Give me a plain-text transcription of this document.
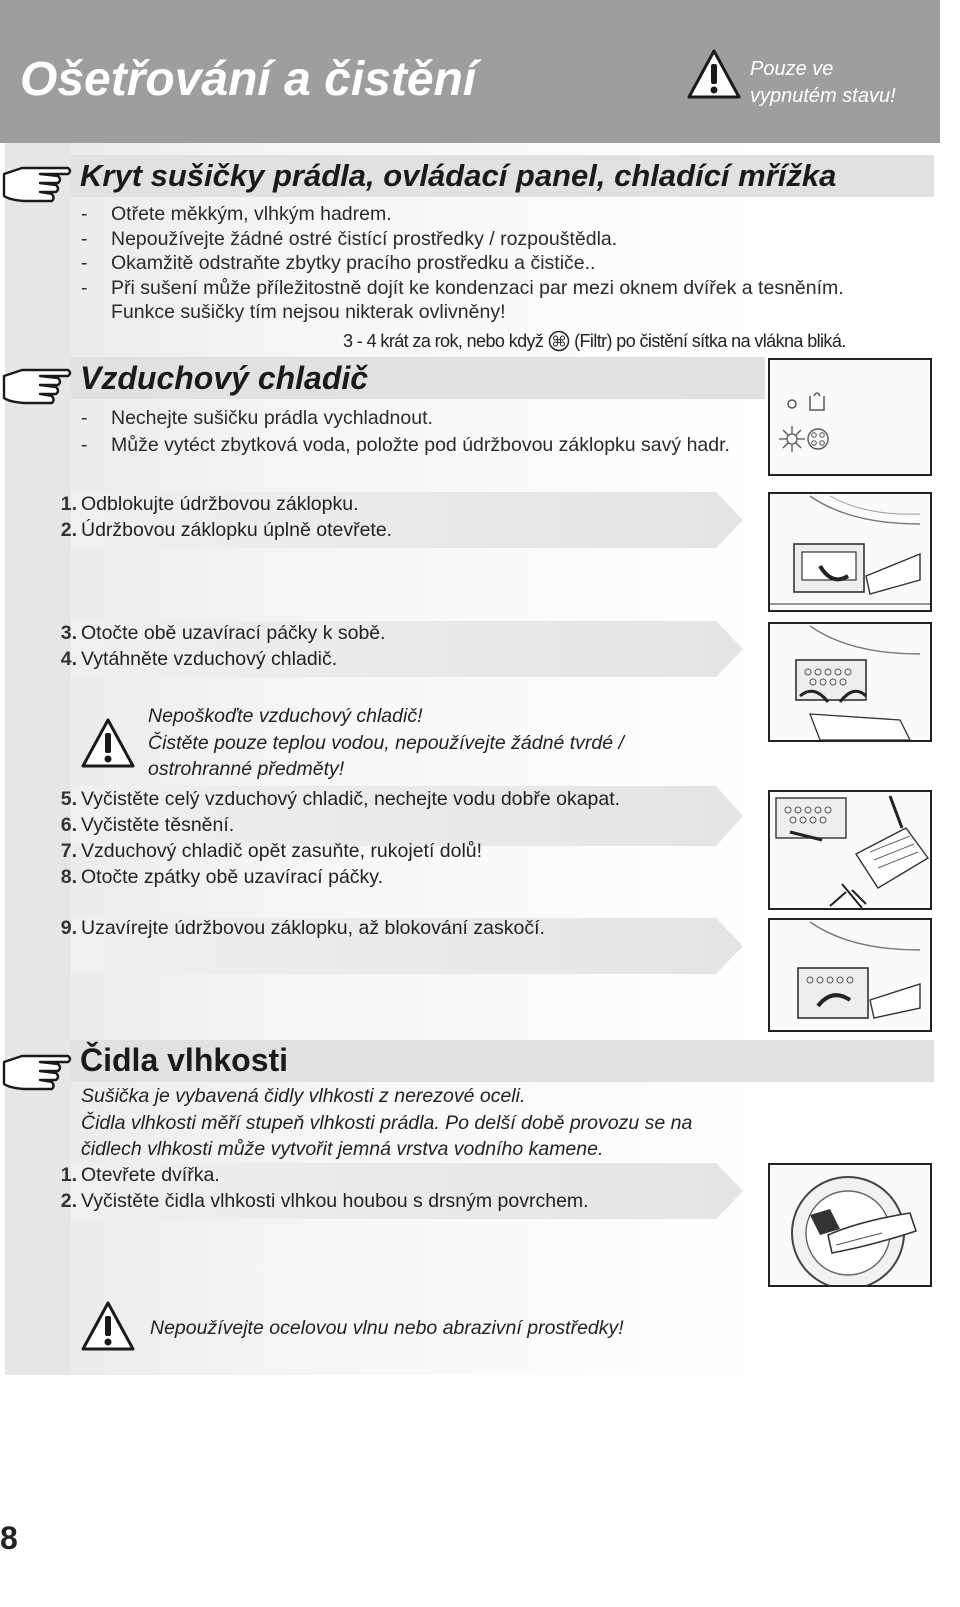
Ošetřování a čistění	Pouze ve
vypnutém stavu!
Kryt sušičky prádla, ovládací panel, chladící mřížka
- Otřete měkkým, vlhkým hadrem.
- Nepoužívejte žádné ostré čistící prostředky / rozpouštědla.
- Okamžitě odstraňte zbytky pracího prostředku a čističe..
- Při sušení může příležitostně dojít ke kondenzaci par mezi oknem dvířek a tesněním. Funkce sušičky tím nejsou nikterak ovlivněny!
3 - 4 krát za rok, nebo když (Filtr) po čistění sítka na vlákna bliká.
Vzduchový chladič
- Nechejte sušičku prádla vychladnout.
- Může vytéct zbytková voda, položte pod údržbovou záklopku savý hadr.
1. Odblokujte údržbovou záklopku.
2. Údržbovou záklopku úplně otevřete.
3. Otočte obě uzavírací páčky k sobě.
4. Vytáhněte vzduchový chladič.
Nepoškoďte vzduchový chladič!
Čistěte pouze teplou vodou, nepoužívejte žádné tvrdé /
ostrohranné předměty!
5. Vyčistěte celý vzduchový chladič, nechejte vodu dobře okapat.
6. Vyčistěte těsnění.
7. Vzduchový chladič opět zasuňte, rukojetí dolů!
8. Otočte zpátky obě uzavírací páčky.
9. Uzavírejte údržbovou záklopku, až blokování zaskočí.
Čidla vlhkosti
Sušička je vybavená čidly vlhkosti z nerezové oceli.
Čidla vlhkosti měří stupeň vlhkosti prádla. Po delší době provozu se na
čidlech vlhkosti může vytvořit jemná vrstva vodního kamene.
1. Otevřete dvířka.
2. Vyčistěte čidla vlhkosti vlhkou houbou s drsným povrchem.
Nepoužívejte ocelovou vlnu nebo abrazivní prostředky!
8
